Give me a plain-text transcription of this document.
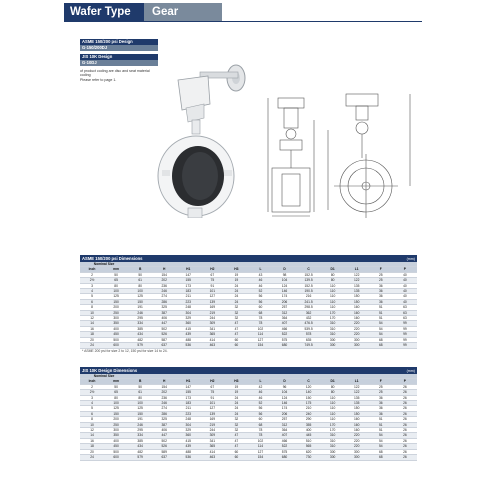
Wafer Type	Gear Operated
ASME 150/200 psi Design
G-150/200DJ
JIS 10K Design
G-10DJ
of product coding are disc and seat material coding
Please refer to page 1.
ASME 150/200 psi Dimensions	(mm)
Nominal Size													
inch	mm	B	H	H1	H2	H3	L	D	C	D1	L1	F	P
2	50	50	154	147	67	19	43	98	152.5	80	122	25	40
2½	65	61	202	155	75	19	46	104	139.5	80	122	25	40
3	80	80	236	173	91	24	46	124	152.5	110	135	36	40
4	100	100	246	183	101	24	52	146	190.5	110	135	36	40
5	125	125	274	211	127	24	56	174	216	110	150	36	40
6	150	150	286	223	139	24	56	206	241.5	110	150	36	40
8	200	191	325	248	169	32	60	257	298.5	110	160	51	63
10	250	246	387	304	219	32	68	312	362	170	160	51	63
12	300	295	406	329	244	32	78	364	432	170	160	51	63
14	350	334	447	360	309	47	78	407	476.5	310	220	54	99
16	400	385	502	415	341	47	102	466	539.5	310	220	54	99
18	450	434	526	439	365	47	114	522	578	310	220	54	99
20	500	482	587	488	414	60	127	575	635	300	300	68	99
24	600	579	637	536	463	60	154	680	749.5	300	300	68	99
* ASME 200 psi for size 2 to 12, 150 psi for size 14 to 24.
JIS 10K Design Dimensions	(mm)
Nominal Size													
inch	mm	B	H	H1	H2	H3	L	D	C	D1	L1	F	P
2	50	50	154	147	67	19	42	96	120	80	122	25	26
2½	65	61	202	155	75	19	46	104	140	80	122	25	26
3	80	80	236	173	91	24	46	124	150	110	135	36	26
4	100	100	246	183	101	24	52	146	175	110	135	36	26
5	125	125	274	211	127	24	56	174	210	110	150	36	26
6	150	150	286	223	139	24	56	206	240	110	150	36	26
8	200	191	325	248	169	32	60	257	290	110	160	51	26
10	250	246	387	304	219	32	68	312	355	170	160	51	26
12	300	295	406	329	244	32	78	364	400	170	160	51	26
14	350	334	447	360	309	47	78	407	445	310	220	54	26
16	400	385	502	415	341	47	102	466	510	310	220	54	26
18	450	434	526	439	365	47	114	522	565	310	220	54	26
20	500	482	589	488	414	60	127	575	620	300	300	68	26
24	600	579	637	536	463	60	154	680	730	300	300	68	26
